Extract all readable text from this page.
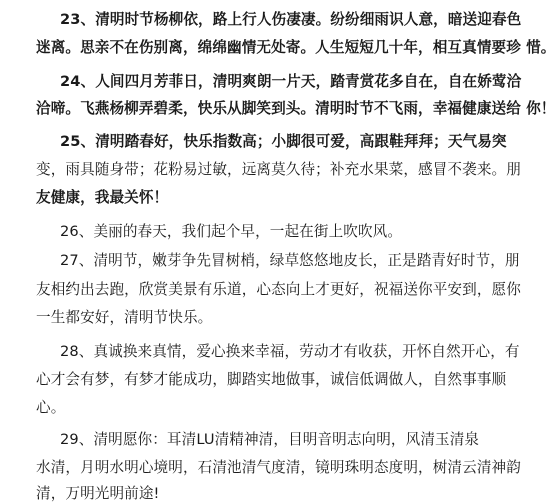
23、清明时节杨柳依，路上行人伤凄凄。纷纷细雨识人意，暗送迎春色
迷离。思亲不在伤别离，绵绵幽情无处寄。人生短短几十年，相互真情要珍 惜。
24、人间四月芳菲日，清明爽朗一片天，踏青赏花多自在，自在娇莺洽
洽啼。飞燕杨柳弄碧柔，快乐从脚笑到头。清明时节不飞雨，幸福健康送给 你！
25、清明踏春好，快乐指数高；小脚很可爱，高跟鞋拜拜；天气易突
变，雨具随身带；花粉易过敏，远离莫久待；补充水果菜，感冒不袭来。朋
友健康，我最关怀！
26、美丽的春天，我们起个早，一起在街上吹吹风。
27、清明节，嫩芽争先冒树梢，绿草悠悠地皮长，正是踏青好时节，朋
友相约出去跑，欣赏美景有乐道，心态向上才更好，祝福送你平安到，愿你
一生都安好，清明节快乐。
28、真诚换来真情，爱心换来幸福，劳动才有收获，开怀自然开心，有
心才会有梦，有梦才能成功，脚踏实地做事，诚信低调做人，自然事事顺
心。
29、清明愿你：耳清LU清精神清，目明音明志向明，风清玉清泉
水清，月明水明心境明，石清池清气度清，镜明珠明态度明，树清云清神韵
清，万明光明前途!
